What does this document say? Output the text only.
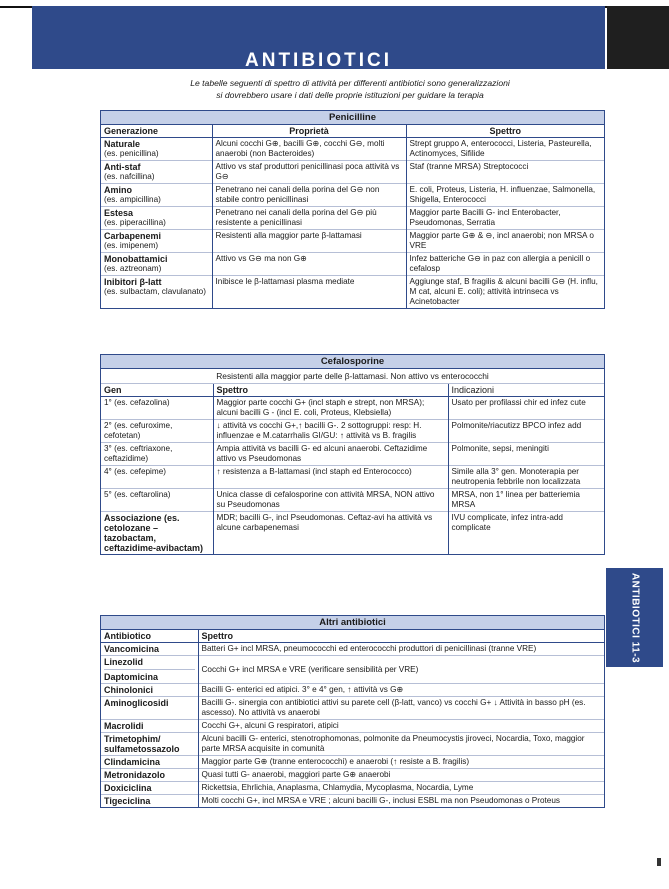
ANTIBIOTICI
Le tabelle seguenti di spettro di attività per differenti antibiotici sono generalizzazioni
si dovrebbero usare i dati delle proprie istituzioni per guidare la terapia
Penicilline
Generazione	Proprietà	Spettro

Naturale
(es. penicillina)	Alcuni cocchi G⊕, bacilli G⊕, cocchi G⊖, molti anaerobi (non Bacteroides)	Strept gruppo A, enterococci, Listeria, Pasteurella, Actinomyces, Sifilide

Anti-staf
(es. nafcillina)	Attivo vs staf produttori penicillinasi poca attività vs G⊖	Staf (tranne MRSA) Streptococci

Amino
(es. ampicillina)	Penetrano nei canali della porina del G⊖ non stabile contro penicillinasi	E. coli, Proteus, Listeria, H. influenzae, Salmonella, Shigella, Enterococci

Estesa
(es. piperacillina)	Penetrano nei canali della porina del G⊖ più resistente a penicillinasi	Maggior parte Bacilli G- incl Enterobacter, Pseudomonas, Serratia

Carbapenemi
(es. imipenem)	Resistenti alla maggior parte β-lattamasi	Maggior parte G⊕ & ⊖, incl anaerobi; non MRSA o VRE

Monobattamici
(es. aztreonam)	Attivo vs G⊖ ma non G⊕	Infez batteriche G⊖ in paz con allergia a penicill o cefalosp

Inibitori β-latt
(es. sulbactam, clavulanato)	Inibisce le β-lattamasi plasma mediate	Aggiunge staf, B fragilis & alcuni bacilli G⊖ (H. influ, M cat, alcuni E. coli); attività intrinseca vs Acinetobacter
Cefalosporine
Resistenti alla maggior parte delle β-lattamasi. Non attivo vs enterococchi
Gen	Spettro	Indicazioni
1° (es. cefazolina)	Maggior parte cocchi G+ (incl staph e strept, non MRSA); alcuni bacilli G - (incl E. coli, Proteus, Klebsiella)	Usato per profilassi chir ed infez cute
2° (es. cefuroxime, cefotetan)	↓ attività vs cocchi G+,↑ bacilli G-. 2 sottogruppi: resp: H. influenzae e M.catarrhalis GI/GU: ↑ attività vs B. fragilis	Polmonite/riacutizz BPCO infez add
3° (es. ceftriaxone, ceftazidime)	Ampia attività vs bacilli G- ed alcuni anaerobi. Ceftazidime attivo vs Pseudomonas	Polmonite, sepsi, meningiti
4° (es. cefepime)	↑ resistenza a B-lattamasi (incl staph ed Enterococco)	Simile alla 3° gen. Monoterapia per neutropenia febbrile non localizzata
5° (es. ceftarolina)	Unica classe di cefalosporine con attività MRSA, NON attivo su Pseudomonas	MRSA, non 1° linea per batteriemia MRSA
Associazione (es. cetolozane – tazobactam, ceftazidime-avibactam)	MDR; bacilli G-, incl Pseudomonas. Ceftaz-avi ha attività vs alcune carbapenemasi	IVU complicate, infez intra-add complicate
Altri antibiotici
Antibiotico	Spettro

Vancomicina	Batteri G+ incl MRSA, pneumococchi ed enterococchi produttori di penicillinasi (tranne VRE)

Linezolid
Daptomicina	Cocchi G+ incl MRSA e VRE (verificare sensibilità per VRE)

Chinolonici	Bacilli G- enterici ed atipici. 3° e 4° gen, ↑ attività vs G⊕

Aminoglicosidi	Bacilli G-. sinergia con antibiotici attivi su parete cell (β-latt, vanco) vs cocchi G+ ↓ Attività in basso pH (es. ascesso). No attività vs anaerobi

Macrolidi	Cocchi G+, alcuni G respiratori, atipici

Trimetophim/ sulfametossazolo	Alcuni bacilli G- enterici, stenotrophomonas, polmonite da Pneumocystis jiroveci, Nocardia, Toxo, maggior parte MRSA acquisite in comunità

Clindamicina	Maggior parte G⊕ (tranne enterococchi) e anaerobi (↑ resiste a B. fragilis)

Metronidazolo	Quasi tutti G- anaerobi, maggiori parte G⊕ anaerobi

Doxiciclina	Rickettsia, Ehrlichia, Anaplasma, Chlamydia, Mycoplasma, Nocardia, Lyme

Tigeciclina	Molti cocchi G+, incl MRSA e VRE ; alcuni bacilli G-, inclusi ESBL ma non Pseudomonas o Proteus
ANTIBIOTICI 11-3
